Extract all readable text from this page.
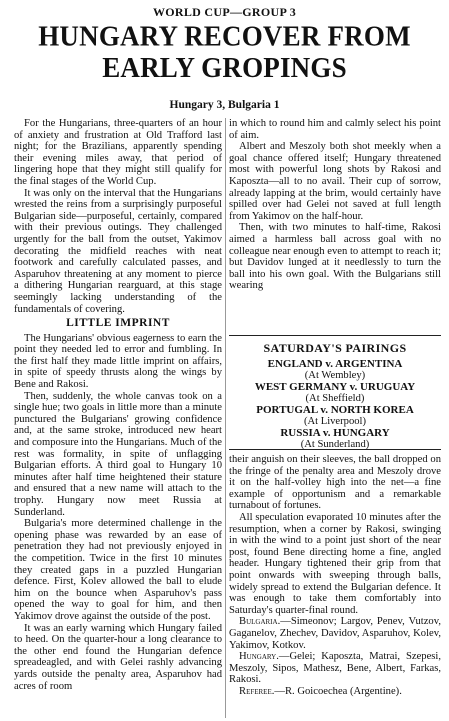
WORLD CUP—GROUP 3
HUNGARY RECOVER FROM
EARLY GROPINGS
Hungary 3, Bulgaria 1

For the Hungarians, three-quarters of an hour of anxiety and frustration at Old Trafford last night; for the Brazilians, apparently spending their evening miles away, that period of lingering hope that they might still qualify for the final stages of the World Cup.

It was only on the interval that the Hungarians wrested the reins from a surprisingly purposeful Bulgarian side—purposeful, certainly, compared with their previous outings. They challenged urgently for the ball from the outset, Yakimov decorating the midfield reaches with neat footwork and carefully calculated passes, and Asparuhov threatening at any moment to pierce a dithering Hungarian rearguard, at this stage seemingly lacking understanding of the fundamentals of covering.

LITTLE IMPRINT

The Hungarians' obvious eagerness to earn the point they needed led to error and fumbling. In the first half they made little imprint on affairs, in spite of speedy thrusts along the wings by Bene and Rakosi.

Then, suddenly, the whole canvas took on a single hue; two goals in little more than a minute punctured the Bulgarians' growing confidence and, at the same stroke, introduced new heart and composure into the Hungarians. Much of the rest was formality, in spite of unflagging Bulgarian efforts. A third goal to Hungary 10 minutes after half time heightened their stature and ensured that a new name will attach to the trophy. Hungary now meet Russia at Sunderland.

Bulgaria's more determined challenge in the opening phase was rewarded by an ease of penetration they had not previously enjoyed in the competition. Twice in the first 10 minutes they created gaps in a puzzled Hungarian defence. First, Kolev allowed the ball to elude him on the bounce when Asparuhov's pass opened the way to goal for him, and then Yakimov drove against the outside of the post.

It was an early warning which Hungary failed to heed. On the quarter-hour a long clearance to the other end found the Hungarian defence spreadeagled, and with Gelei rashly advancing yards outside the penalty area, Asparuhov had acres of room

in which to round him and calmly select his point of aim.

Albert and Meszoly both shot meekly when a goal chance offered itself; Hungary threatened most with powerful long shots by Rakosi and Kaposzta—all to no avail. Their cup of sorrow, already lapping at the brim, would certainly have spilled over had Gelei not saved at full length from Yakimov on the half-hour.

Then, with two minutes to half-time, Rakosi aimed a harmless ball across goal with no colleague near enough even to attempt to reach it; but Davidov lunged at it needlessly to turn the ball into his own goal. With the Bulgarians still wearing

SATURDAY'S PAIRINGS
ENGLAND v. ARGENTINA
(At Wembley)
WEST GERMANY v. URUGUAY
(At Sheffield)
PORTUGAL v. NORTH KOREA
(At Liverpool)
RUSSIA v. HUNGARY
(At Sunderland)

their anguish on their sleeves, the ball dropped on the fringe of the penalty area and Meszoly drove it on the half-volley high into the net—a fine example of opportunism and a remarkable turnabout of fortunes.

All speculation evaporated 10 minutes after the resumption, when a corner by Rakosi, swinging in with the wind to a point just short of the near post, found Bene directing home a fine, angled header. Hungary tightened their grip from that point onwards with sweeping through balls, widely spread to extend the Bulgarian defence. It was enough to take them comfortably into Saturday's quarter-final round.

Bulgaria.—Simeonov; Largov, Penev, Vutzov, Gaganelov, Zhechev, Davidov, Asparuhov, Kolev, Yakimov, Kotkov.

Hungary.—Gelei; Kaposzta, Matrai, Szepesi, Meszoly, Sipos, Mathesz, Bene, Albert, Farkas, Rakosi.

Referee.—R. Goicoechea (Argentine).
